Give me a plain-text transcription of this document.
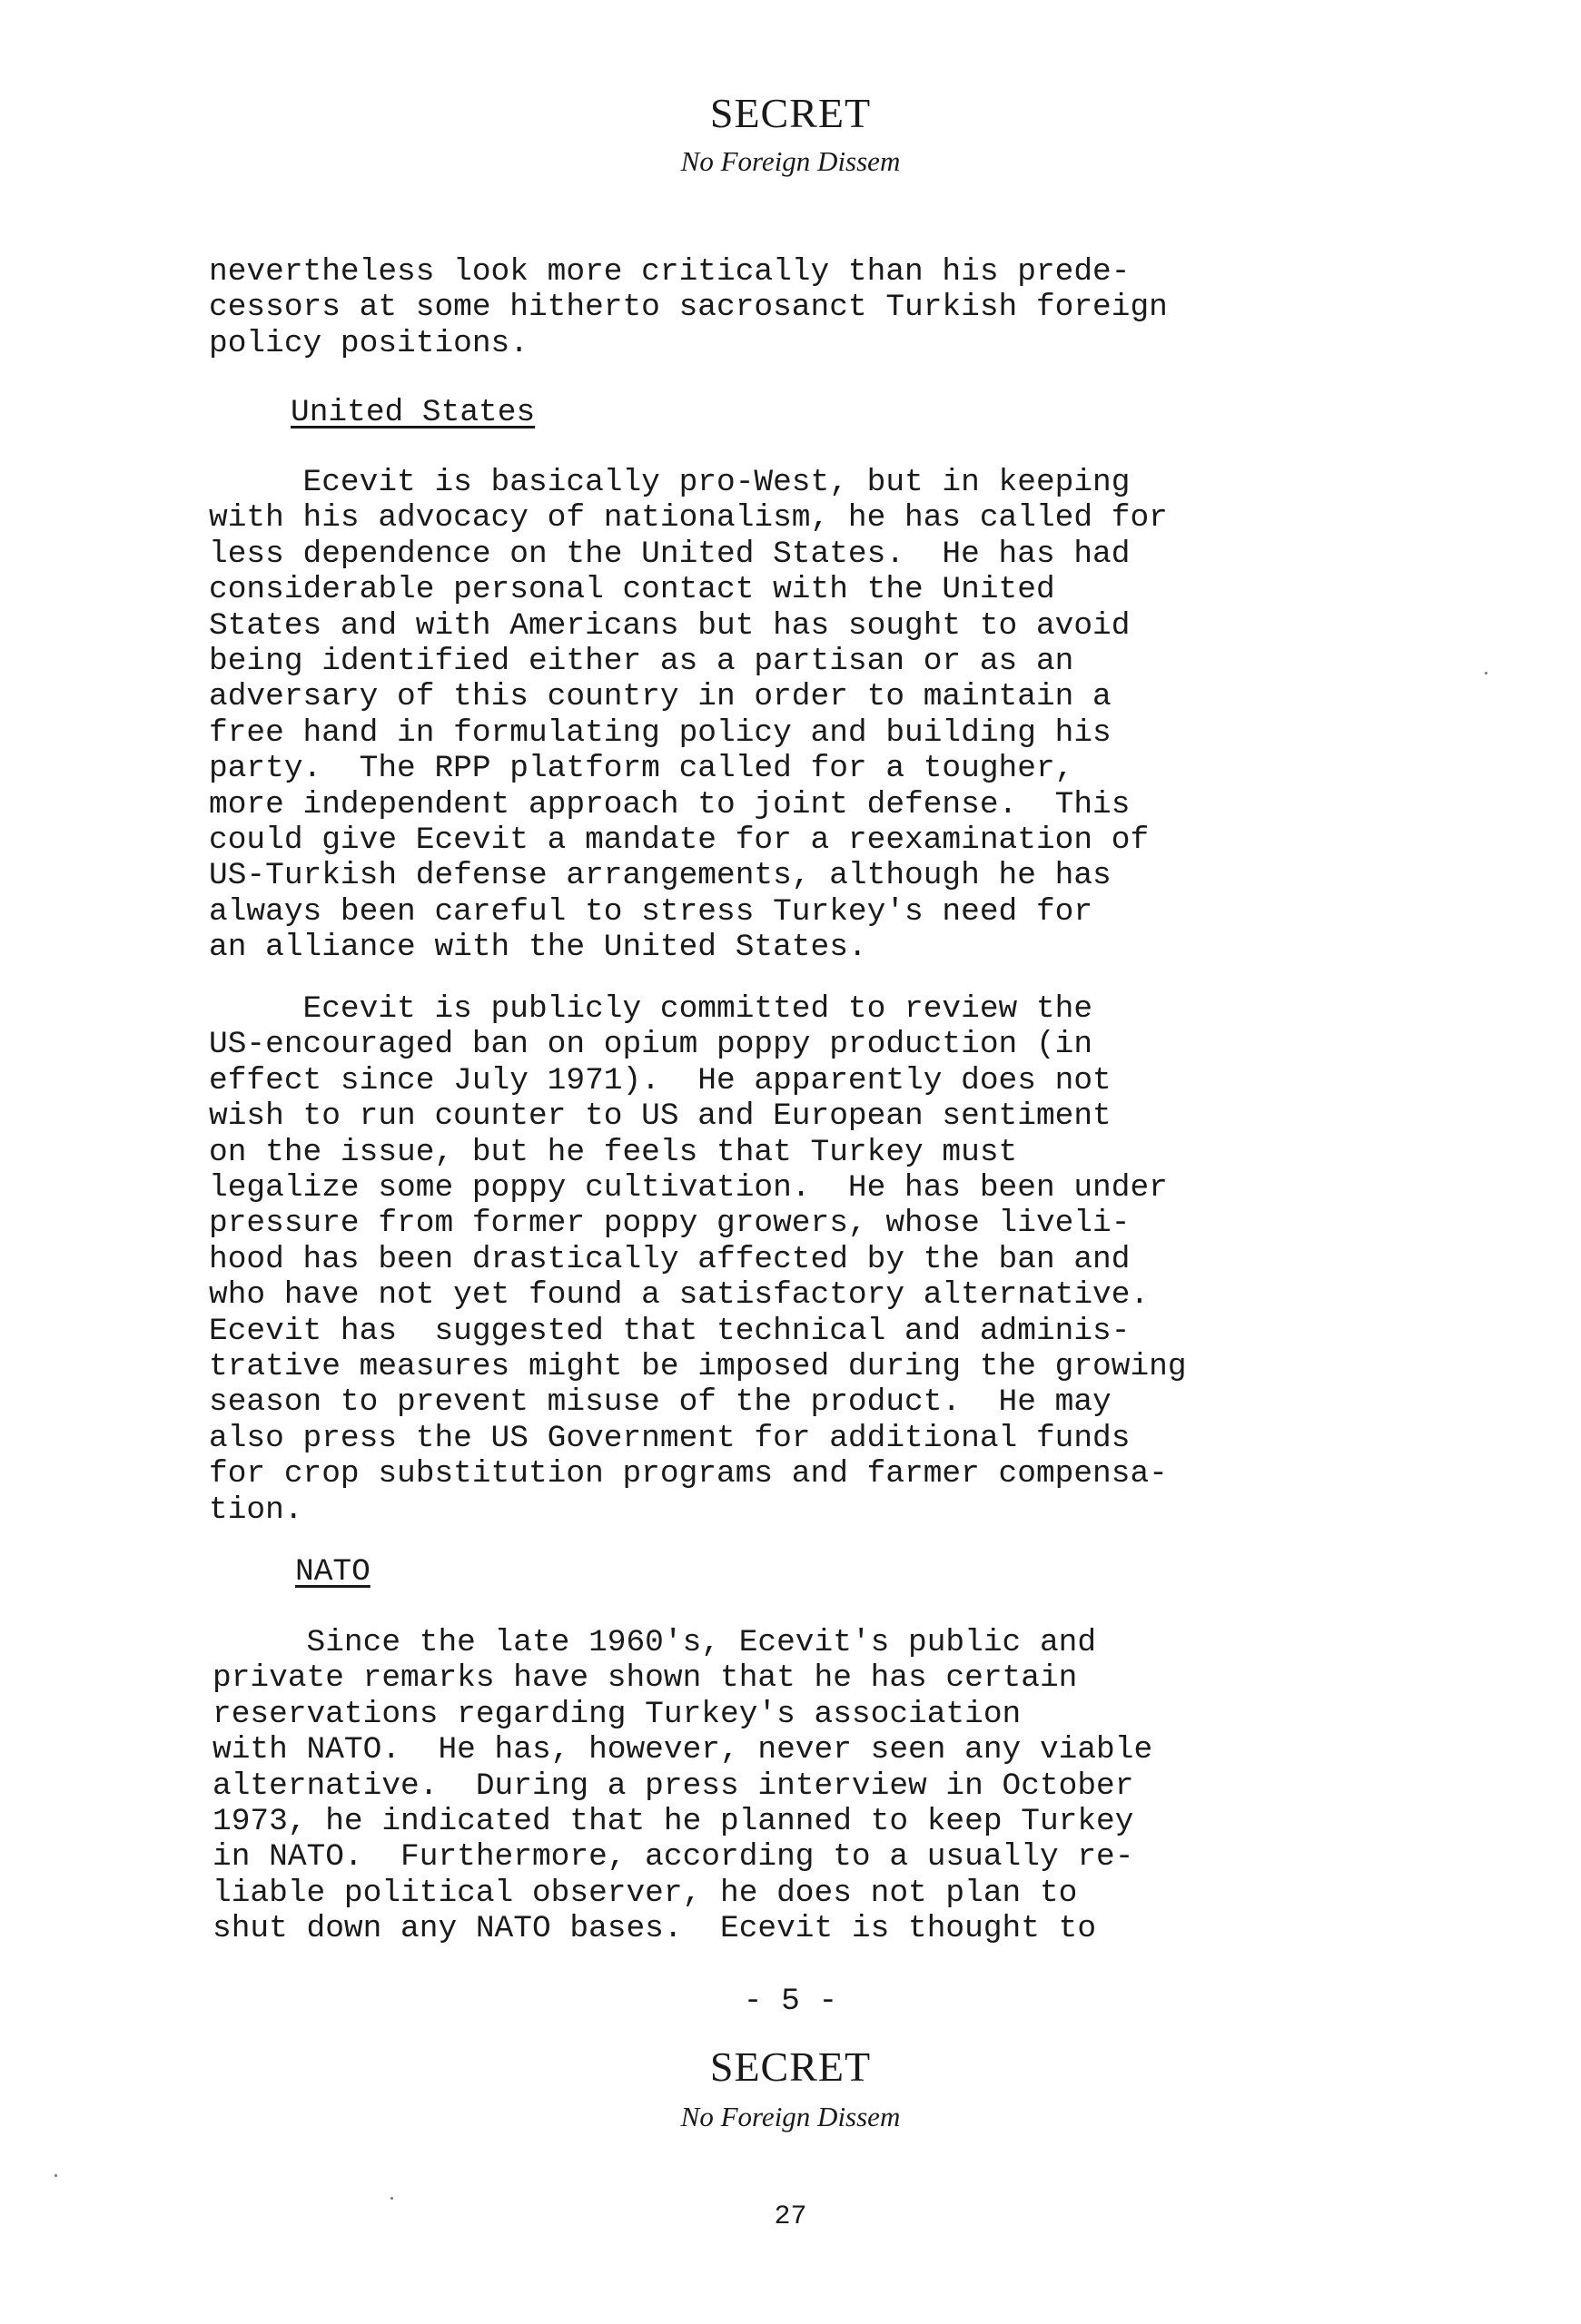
SECRET
No Foreign Dissem
nevertheless look more critically than his prede-
cessors at some hitherto sacrosanct Turkish foreign
policy positions.
United States
Ecevit is basically pro-West, but in keeping
with his advocacy of nationalism, he has called for
less dependence on the United States.  He has had
considerable personal contact with the United
States and with Americans but has sought to avoid
being identified either as a partisan or as an
adversary of this country in order to maintain a
free hand in formulating policy and building his
party.  The RPP platform called for a tougher,
more independent approach to joint defense.  This
could give Ecevit a mandate for a reexamination of
US-Turkish defense arrangements, although he has
always been careful to stress Turkey's need for
an alliance with the United States.
Ecevit is publicly committed to review the
US-encouraged ban on opium poppy production (in
effect since July 1971).  He apparently does not
wish to run counter to US and European sentiment
on the issue, but he feels that Turkey must
legalize some poppy cultivation.  He has been under
pressure from former poppy growers, whose liveli-
hood has been drastically affected by the ban and
who have not yet found a satisfactory alternative.
Ecevit has  suggested that technical and adminis-
trative measures might be imposed during the growing
season to prevent misuse of the product.  He may
also press the US Government for additional funds
for crop substitution programs and farmer compensa-
tion.
NATO
Since the late 1960's, Ecevit's public and
private remarks have shown that he has certain
reservations regarding Turkey's association
with NATO.  He has, however, never seen any viable
alternative.  During a press interview in October
1973, he indicated that he planned to keep Turkey
in NATO.  Furthermore, according to a usually re-
liable political observer, he does not plan to
shut down any NATO bases.  Ecevit is thought to
- 5 -
SECRET
No Foreign Dissem
27
